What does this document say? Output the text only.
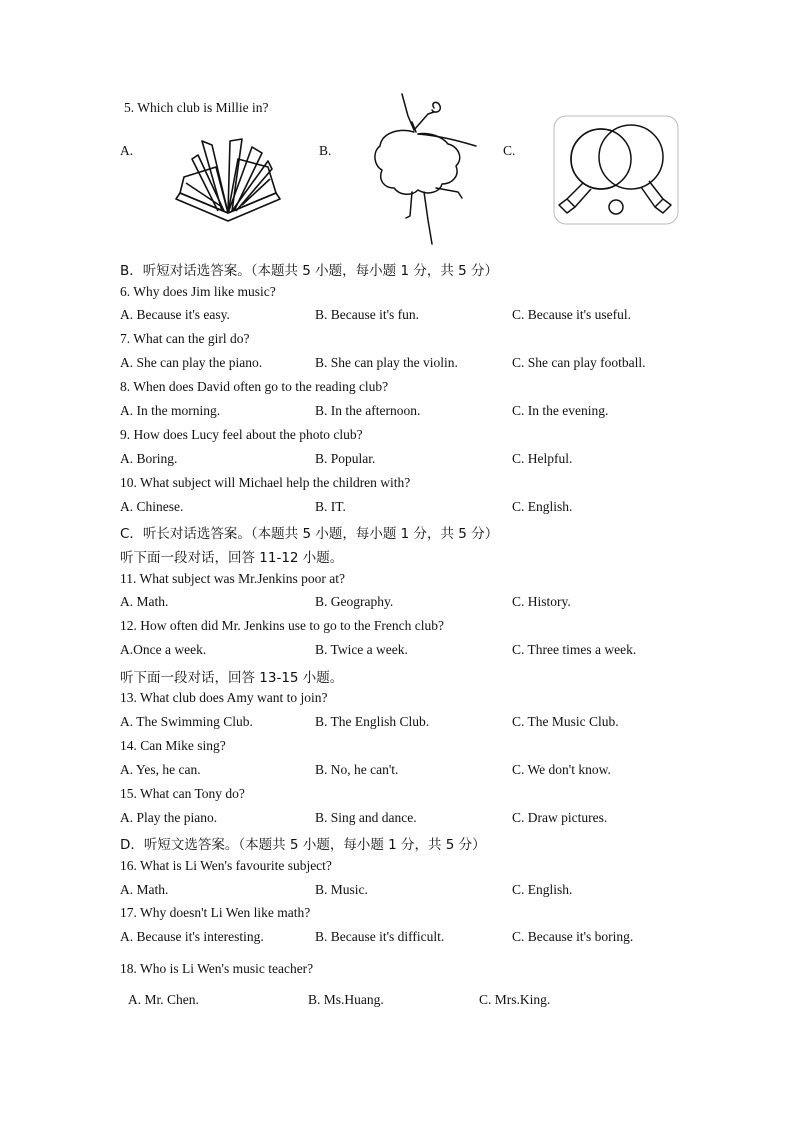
5. Which club is Millie in?
A.	B.	C.
B．听短对话选答案。（本题共 5 小题，每小题 1 分，共 5 分）
6. Why does Jim like music?
A. Because it's easy.	B. Because it's fun.	C. Because it's useful.
7. What can the girl do?
A. She can play the piano.	B. She can play the violin.	C. She can play football.
8. When does David often go to the reading club?
A. In the morning.	B. In the afternoon.	C. In the evening.
9. How does Lucy feel about the photo club?
A. Boring.	B. Popular.	C. Helpful.
10. What subject will Michael help the children with?
A. Chinese.	B. IT.	C. English.
C．听长对话选答案。（本题共 5 小题，每小题 1 分，共 5 分）
听下面一段对话，回答 11-12 小题。
11. What subject was Mr.Jenkins poor at?
A. Math.	B. Geography.	C. History.
12. How often did Mr. Jenkins use to go to the French club?
A.Once a week.	B. Twice a week.	C. Three times a week.
听下面一段对话，回答 13-15 小题。
13. What club does Amy want to join?
A. The Swimming Club.	B. The English Club.	C. The Music Club.
14. Can Mike sing?
A. Yes, he can.	B. No, he can't.	C. We don't know.
15. What can Tony do?
A. Play the piano.	B. Sing and dance.	C. Draw pictures.
D．听短文选答案。（本题共 5 小题，每小题 1 分，共 5 分）
16. What is Li Wen's favourite subject?
A. Math.	B. Music.	C. English.
17. Why doesn't Li Wen like math?
A. Because it's interesting.	B. Because it's difficult.	C. Because it's boring.
18. Who is Li Wen's music teacher?
A. Mr. Chen.	B. Ms.Huang.	C. Mrs.King.
